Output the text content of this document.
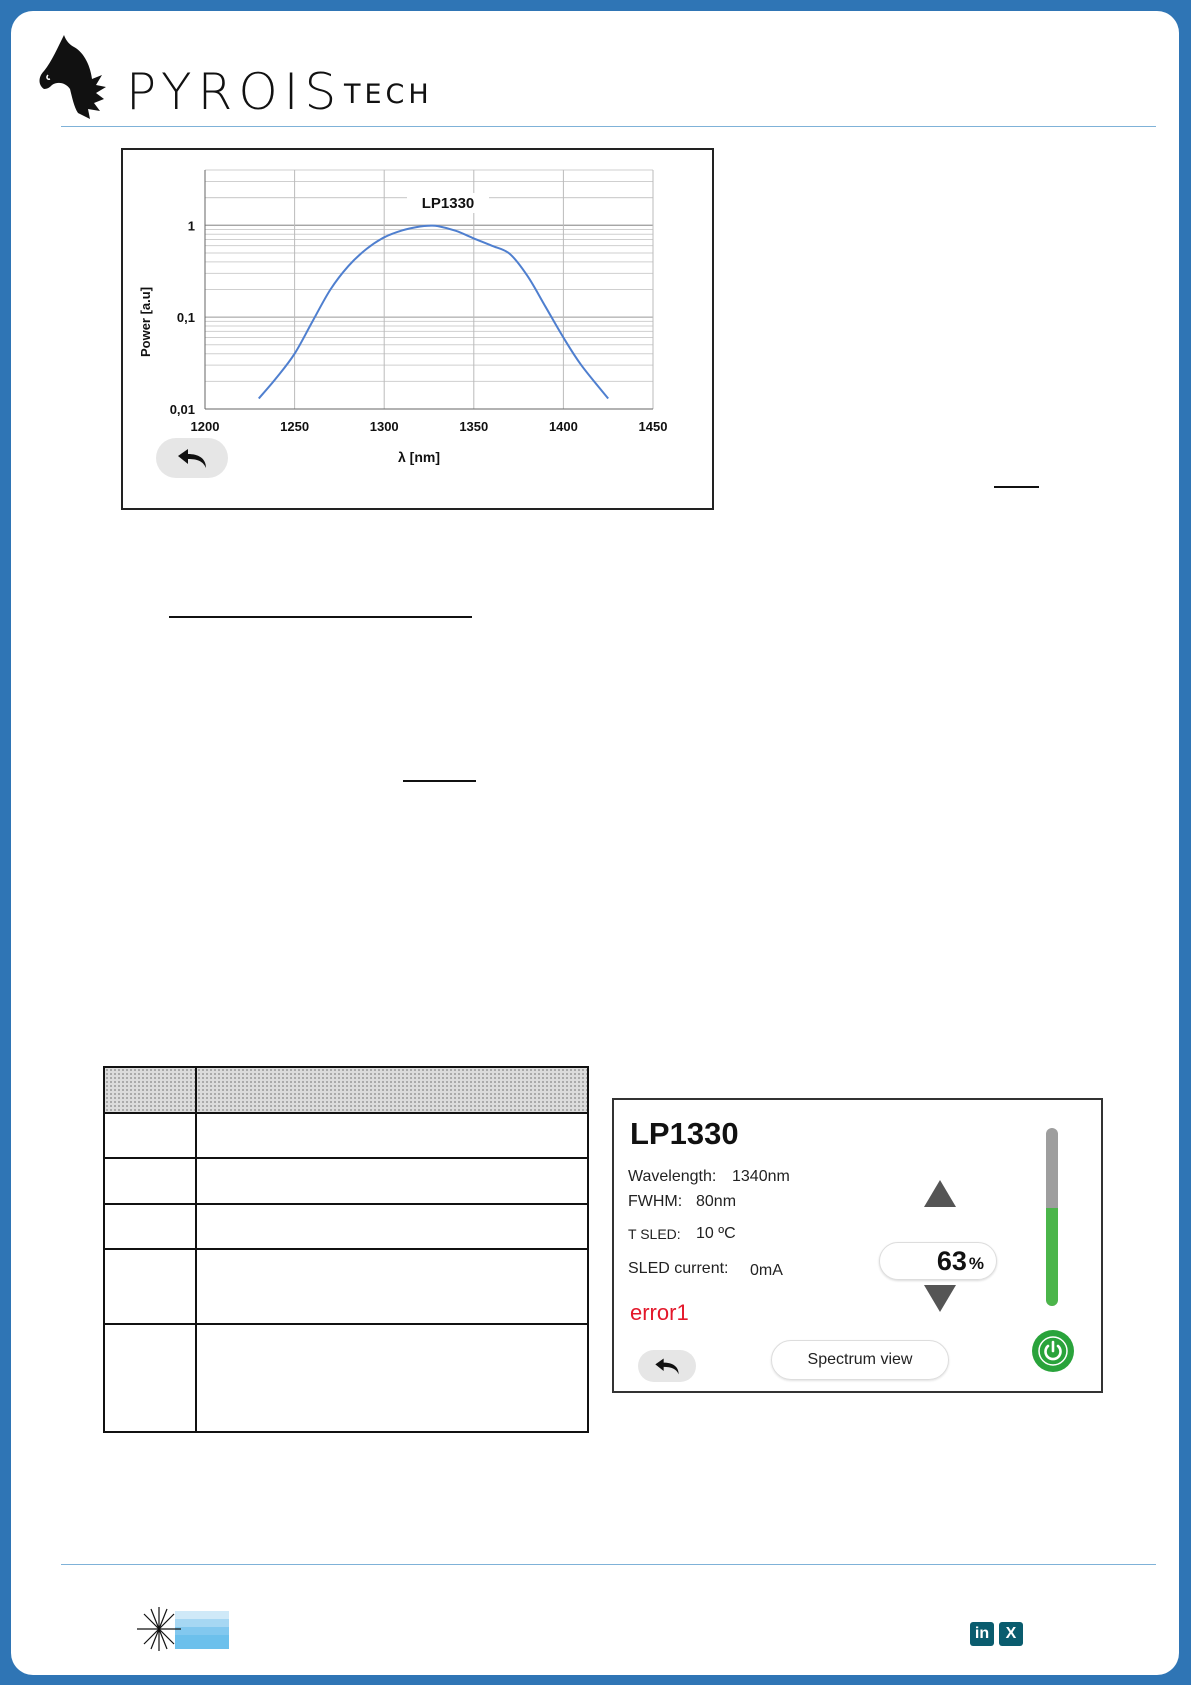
PYROIS TECH
LP1330
1200	1250	1300	1350	1400	1450
0,01
0,1
1
λ [nm]
Power [a.u]

LP1330
Wavelength: 1340nm
FWHM: 80nm
T SLED: 10 ºC
SLED current: 0mA
error1
63 %
Spectrum view
in	X
